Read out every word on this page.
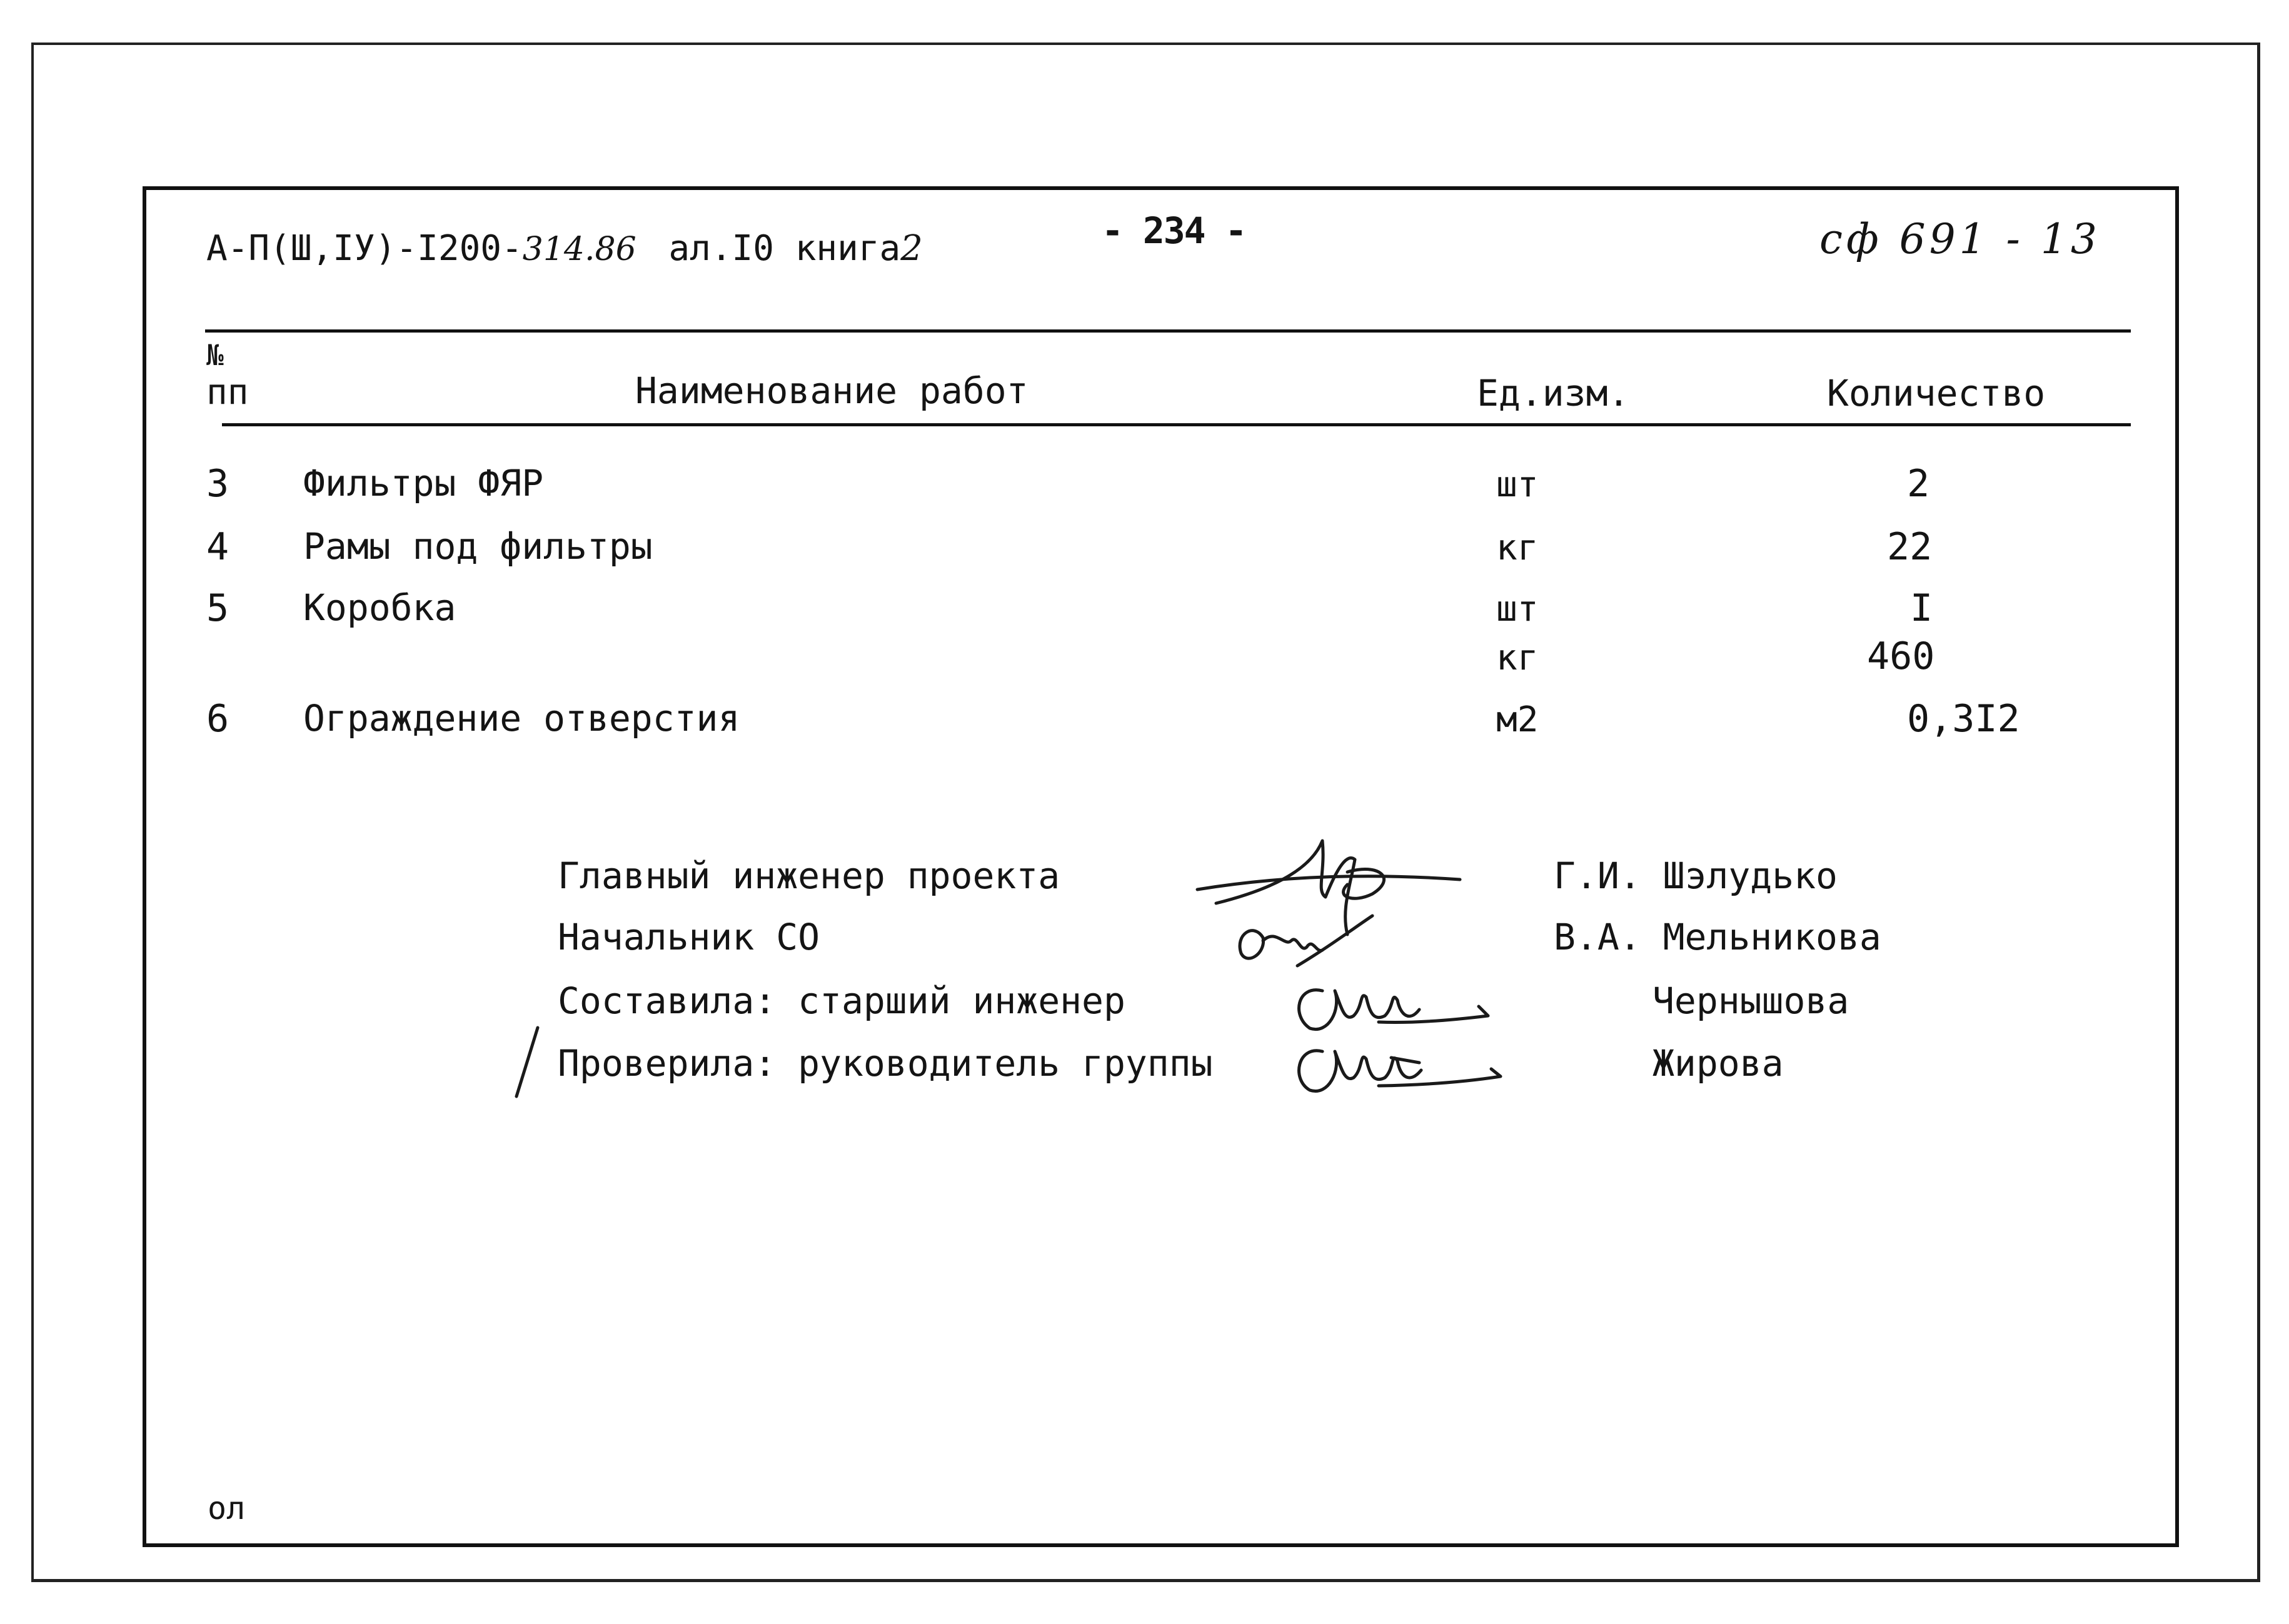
А-П(Ш,IУ)-I200-314.86 ал.I0 книга2	- 234 -	сф 691 - 13
№
пп	Наименование работ	Ед.изм.	Количество
3 Фильтры ФЯР	шт	2
4 Рамы под фильтры	кг	22
5 Коробка	шт	I
кг	460
6 Ограждение отверстия	м2	0,3I2
Главный инженер проекта	Г.И. Шэлудько
Начальник СО	В.А. Мельникова
Составила: старший инженер	Чернышова
Проверила: руководитель группы	Жирова
ол
